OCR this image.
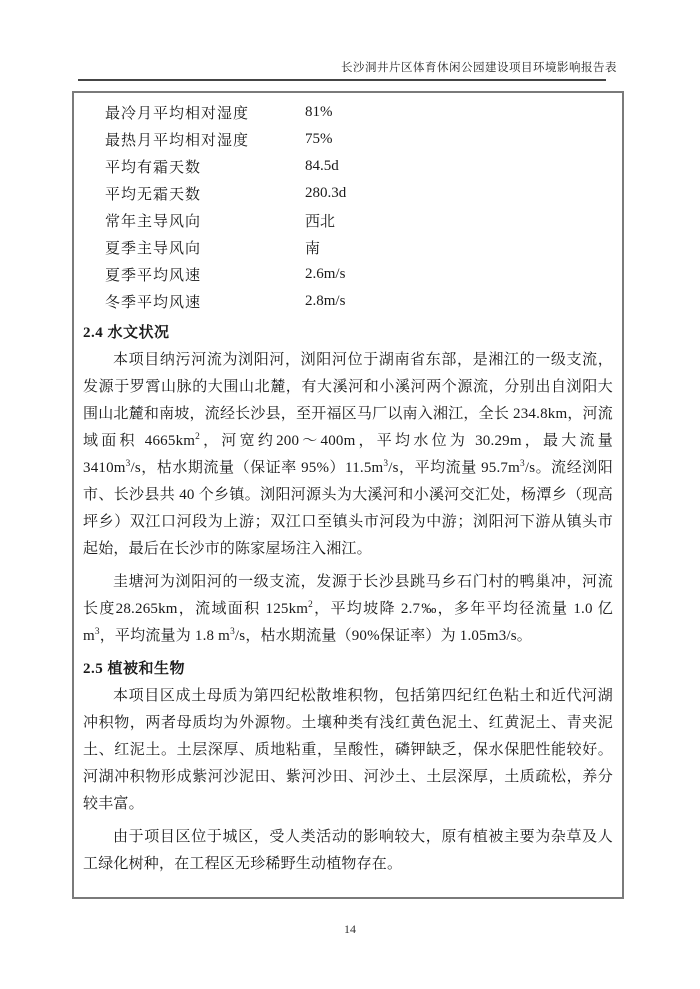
长沙洞井片区体育休闲公园建设项目环境影响报告表
最冷月平均相对湿度	81%
最热月平均相对湿度	75%
平均有霜天数	84.5d
平均无霜天数	280.3d
常年主导风向	西北
夏季主导风向	南
夏季平均风速	2.6m/s
冬季平均风速	2.8m/s
2.4 水文状况

本项目纳污河流为浏阳河，浏阳河位于湖南省东部，是湘江的一级支流，发源于罗霄山脉的大围山北麓，有大溪河和小溪河两个源流，分别出自浏阳大围山北麓和南坡，流经长沙县，至开福区马厂以南入湘江，全长 234.8km，河流域面积 $4665km^2$，河宽约200～400m，平均水位为 30.29m，最大流量 $3410m^3/s$，枯水期流量（保证率 $95\%)11.5m^3/s$，平均流量 $95.7m^3/s$。流经浏阳市、长沙县共 40 个乡镇。浏阳河源头为大溪河和小溪河交汇处，杨潭乡（现高坪乡）双江口河段为上游；双江口至镇头市河段为中游；浏阳河下游从镇头市起始，最后在长沙市的陈家屋场注入湘江。

圭塘河为浏阳河的一级支流，发源于长沙县跳马乡石门村的鸭巢冲，河流长度28.265km，流域面积 $125km^2$，平均坡降 2.7‰，多年平均径流量 1.0 亿 $m^3$，平均流量为 1.8 $m^3/s$，枯水期流量（90%保证率）为 1.05m3/s。

2.5 植被和生物

本项目区成土母质为第四纪松散堆积物，包括第四纪红色粘土和近代河湖冲积物，两者母质均为外源物。土壤种类有浅红黄色泥土、红黄泥土、青夹泥土、红泥土。土层深厚、质地粘重，呈酸性，磷钾缺乏，保水保肥性能较好。河湖冲积物形成紫河沙泥田、紫河沙田、河沙土、土层深厚，土质疏松，养分较丰富。

由于项目区位于城区，受人类活动的影响较大，原有植被主要为杂草及人工绿化树种，在工程区无珍稀野生动植物存在。

14
